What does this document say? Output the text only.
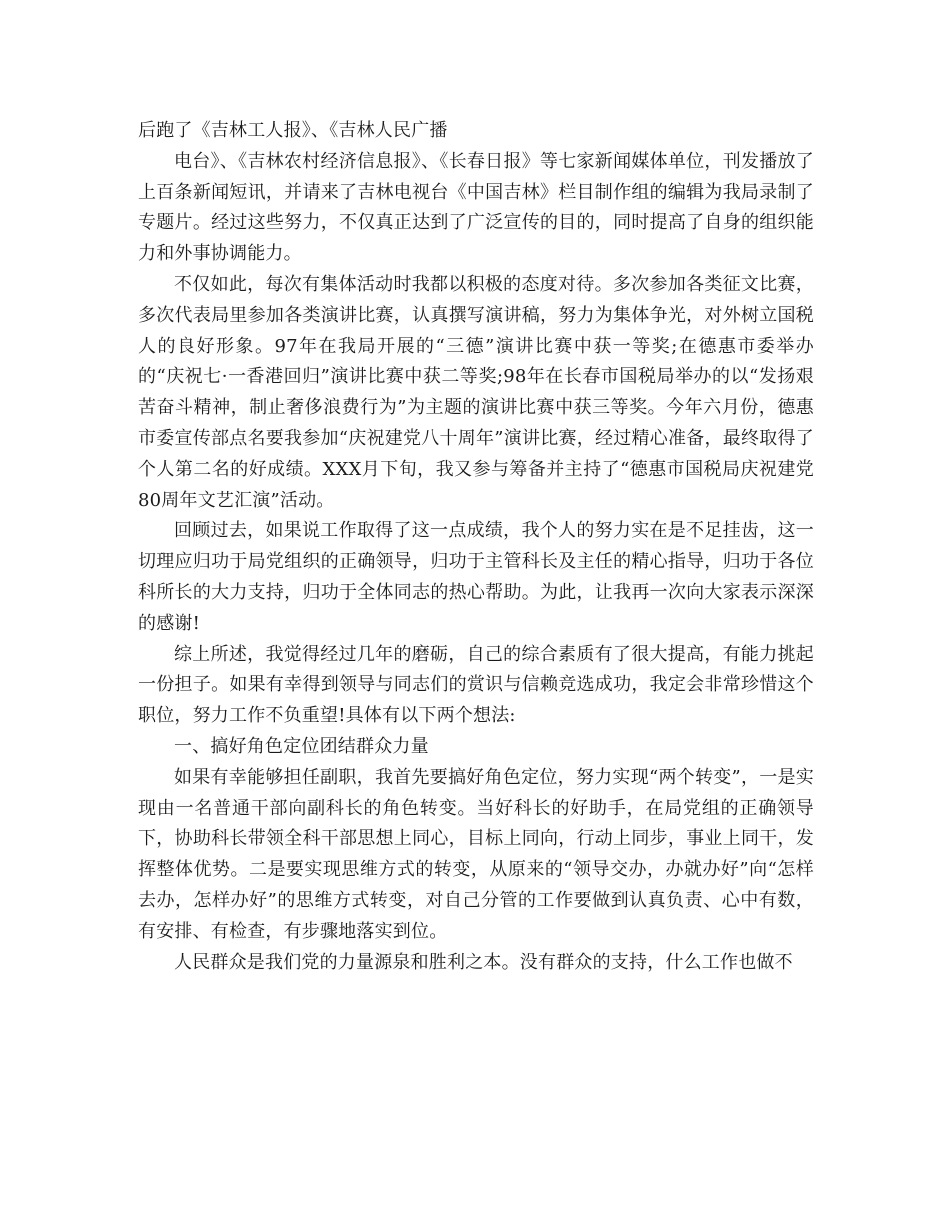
后跑了《吉林工人报》、《吉林人民广播

电台》、《吉林农村经济信息报》、《长春日报》等七家新闻媒体单位，刊发播放了上百条新闻短讯，并请来了吉林电视台《中国吉林》栏目制作组的编辑为我局录制了专题片。经过这些努力，不仅真正达到了广泛宣传的目的，同时提高了自身的组织能力和外事协调能力。

不仅如此，每次有集体活动时我都以积极的态度对待。多次参加各类征文比赛，多次代表局里参加各类演讲比赛，认真撰写演讲稿，努力为集体争光，对外树立国税人的良好形象。97年在我局开展的“三德”演讲比赛中获一等奖;在德惠市委举办的“庆祝七·一香港回归”演讲比赛中获二等奖;98年在长春市国税局举办的以“发扬艰苦奋斗精神，制止奢侈浪费行为”为主题的演讲比赛中获三等奖。今年六月份，德惠市委宣传部点名要我参加“庆祝建党八十周年”演讲比赛，经过精心准备，最终取得了个人第二名的好成绩。XXX月下旬，我又参与筹备并主持了“德惠市国税局庆祝建党80周年文艺汇演”活动。

回顾过去，如果说工作取得了这一点成绩，我个人的努力实在是不足挂齿，这一切理应归功于局党组织的正确领导，归功于主管科长及主任的精心指导，归功于各位科所长的大力支持，归功于全体同志的热心帮助。为此，让我再一次向大家表示深深的感谢!

综上所述，我觉得经过几年的磨砺，自己的综合素质有了很大提高，有能力挑起一份担子。如果有幸得到领导与同志们的赏识与信赖竞选成功，我定会非常珍惜这个职位，努力工作不负重望!具体有以下两个想法:

一、搞好角色定位团结群众力量

如果有幸能够担任副职，我首先要搞好角色定位，努力实现“两个转变”，一是实现由一名普通干部向副科长的角色转变。当好科长的好助手，在局党组的正确领导下，协助科长带领全科干部思想上同心，目标上同向，行动上同步，事业上同干，发挥整体优势。二是要实现思维方式的转变，从原来的“领导交办，办就办好”向“怎样去办，怎样办好”的思维方式转变，对自己分管的工作要做到认真负责、心中有数，有安排、有检查，有步骤地落实到位。

人民群众是我们党的力量源泉和胜利之本。没有群众的支持，什么工作也做不
